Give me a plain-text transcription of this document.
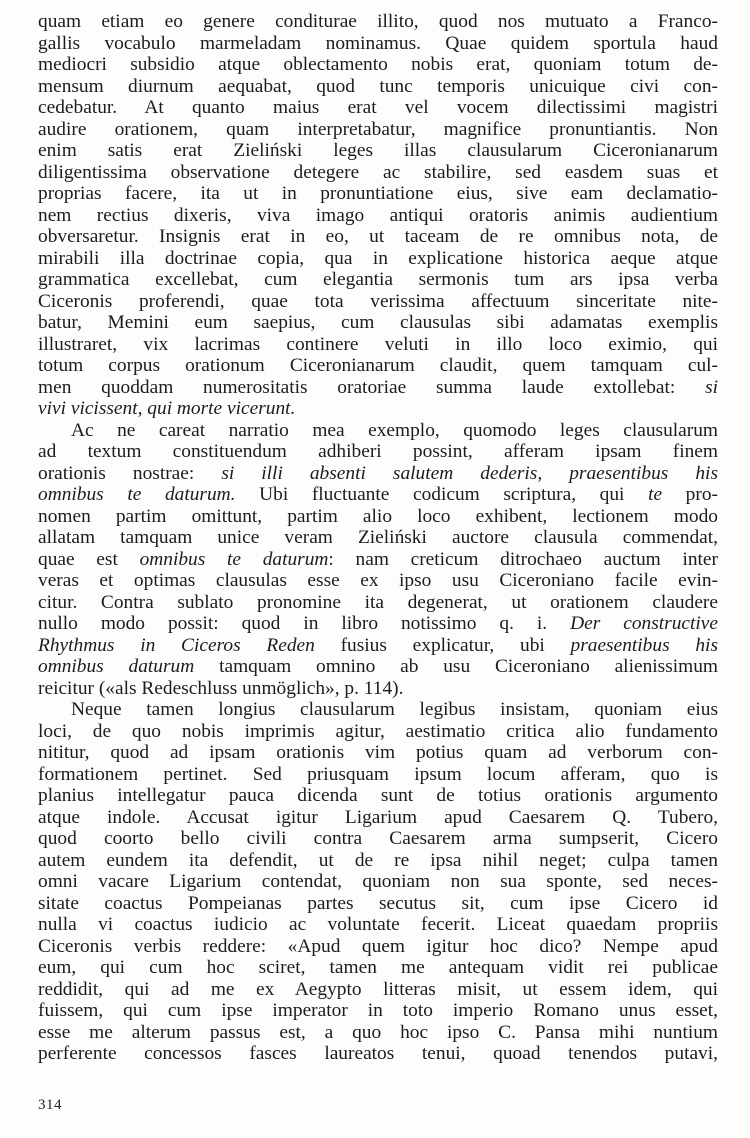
quam etiam eo genere conditurae illito, quod nos mutuato a Franco-
gallis vocabulo marmeladam nominamus. Quae quidem sportula haud
mediocri subsidio atque oblectamento nobis erat, quoniam totum de-
mensum diurnum aequabat, quod tunc temporis unicuique civi con-
cedebatur. At quanto maius erat vel vocem dilectissimi magistri
audire orationem, quam interpretabatur, magnifice pronuntiantis. Non
enim satis erat Zieliński leges illas clausularum Ciceronianarum
diligentissima observatione detegere ac stabilire, sed easdem suas et
proprias facere, ita ut in pronuntiatione eius, sive eam declamatio-
nem rectius dixeris, viva imago antiqui oratoris animis audientium
obversaretur. Insignis erat in eo, ut taceam de re omnibus nota, de
mirabili illa doctrinae copia, qua in explicatione historica aeque atque
grammatica excellebat, cum elegantia sermonis tum ars ipsa verba
Ciceronis proferendi, quae tota verissima affectuum sinceritate nite-
batur, Memini eum saepius, cum clausulas sibi adamatas exemplis
illustraret, vix lacrimas continere veluti in illo loco eximio, qui
totum corpus orationum Ciceronianarum claudit, quem tamquam cul-
men quoddam numerositatis oratoriae summa laude extollebat: si
vivi vicissent, qui morte vicerunt.
Ac ne careat narratio mea exemplo, quomodo leges clausularum
ad textum constituendum adhiberi possint, afferam ipsam finem
orationis nostrae: si illi absenti salutem dederis, praesentibus his
omnibus te daturum. Ubi fluctuante codicum scriptura, qui te pro-
nomen partim omittunt, partim alio loco exhibent, lectionem modo
allatam tamquam unice veram Zieliński auctore clausula commendat,
quae est omnibus te daturum: nam creticum ditrochaeo auctum inter
veras et optimas clausulas esse ex ipso usu Ciceroniano facile evin-
citur. Contra sublato pronomine ita degenerat, ut orationem claudere
nullo modo possit: quod in libro notissimo q. i. Der constructive
Rhythmus in Ciceros Reden fusius explicatur, ubi praesentibus his
omnibus daturum tamquam omnino ab usu Ciceroniano alienissimum
reicitur («als Redeschluss unmöglich», p. 114).
Neque tamen longius clausularum legibus insistam, quoniam eius
loci, de quo nobis imprimis agitur, aestimatio critica alio fundamento
nititur, quod ad ipsam orationis vim potius quam ad verborum con-
formationem pertinet. Sed priusquam ipsum locum afferam, quo is
planius intellegatur pauca dicenda sunt de totius orationis argumento
atque indole. Accusat igitur Ligarium apud Caesarem Q. Tubero,
quod coorto bello civili contra Caesarem arma sumpserit, Cicero
autem eundem ita defendit, ut de re ipsa nihil neget; culpa tamen
omni vacare Ligarium contendat, quoniam non sua sponte, sed neces-
sitate coactus Pompeianas partes secutus sit, cum ipse Cicero id
nulla vi coactus iudicio ac voluntate fecerit. Liceat quaedam propriis
Ciceronis verbis reddere: «Apud quem igitur hoc dico? Nempe apud
eum, qui cum hoc sciret, tamen me antequam vidit rei publicae
reddidit, qui ad me ex Aegypto litteras misit, ut essem idem, qui
fuissem, qui cum ipse imperator in toto imperio Romano unus esset,
esse me alterum passus est, a quo hoc ipso C. Pansa mihi nuntium
perferente concessos fasces laureatos tenui, quoad tenendos putavi,
314
